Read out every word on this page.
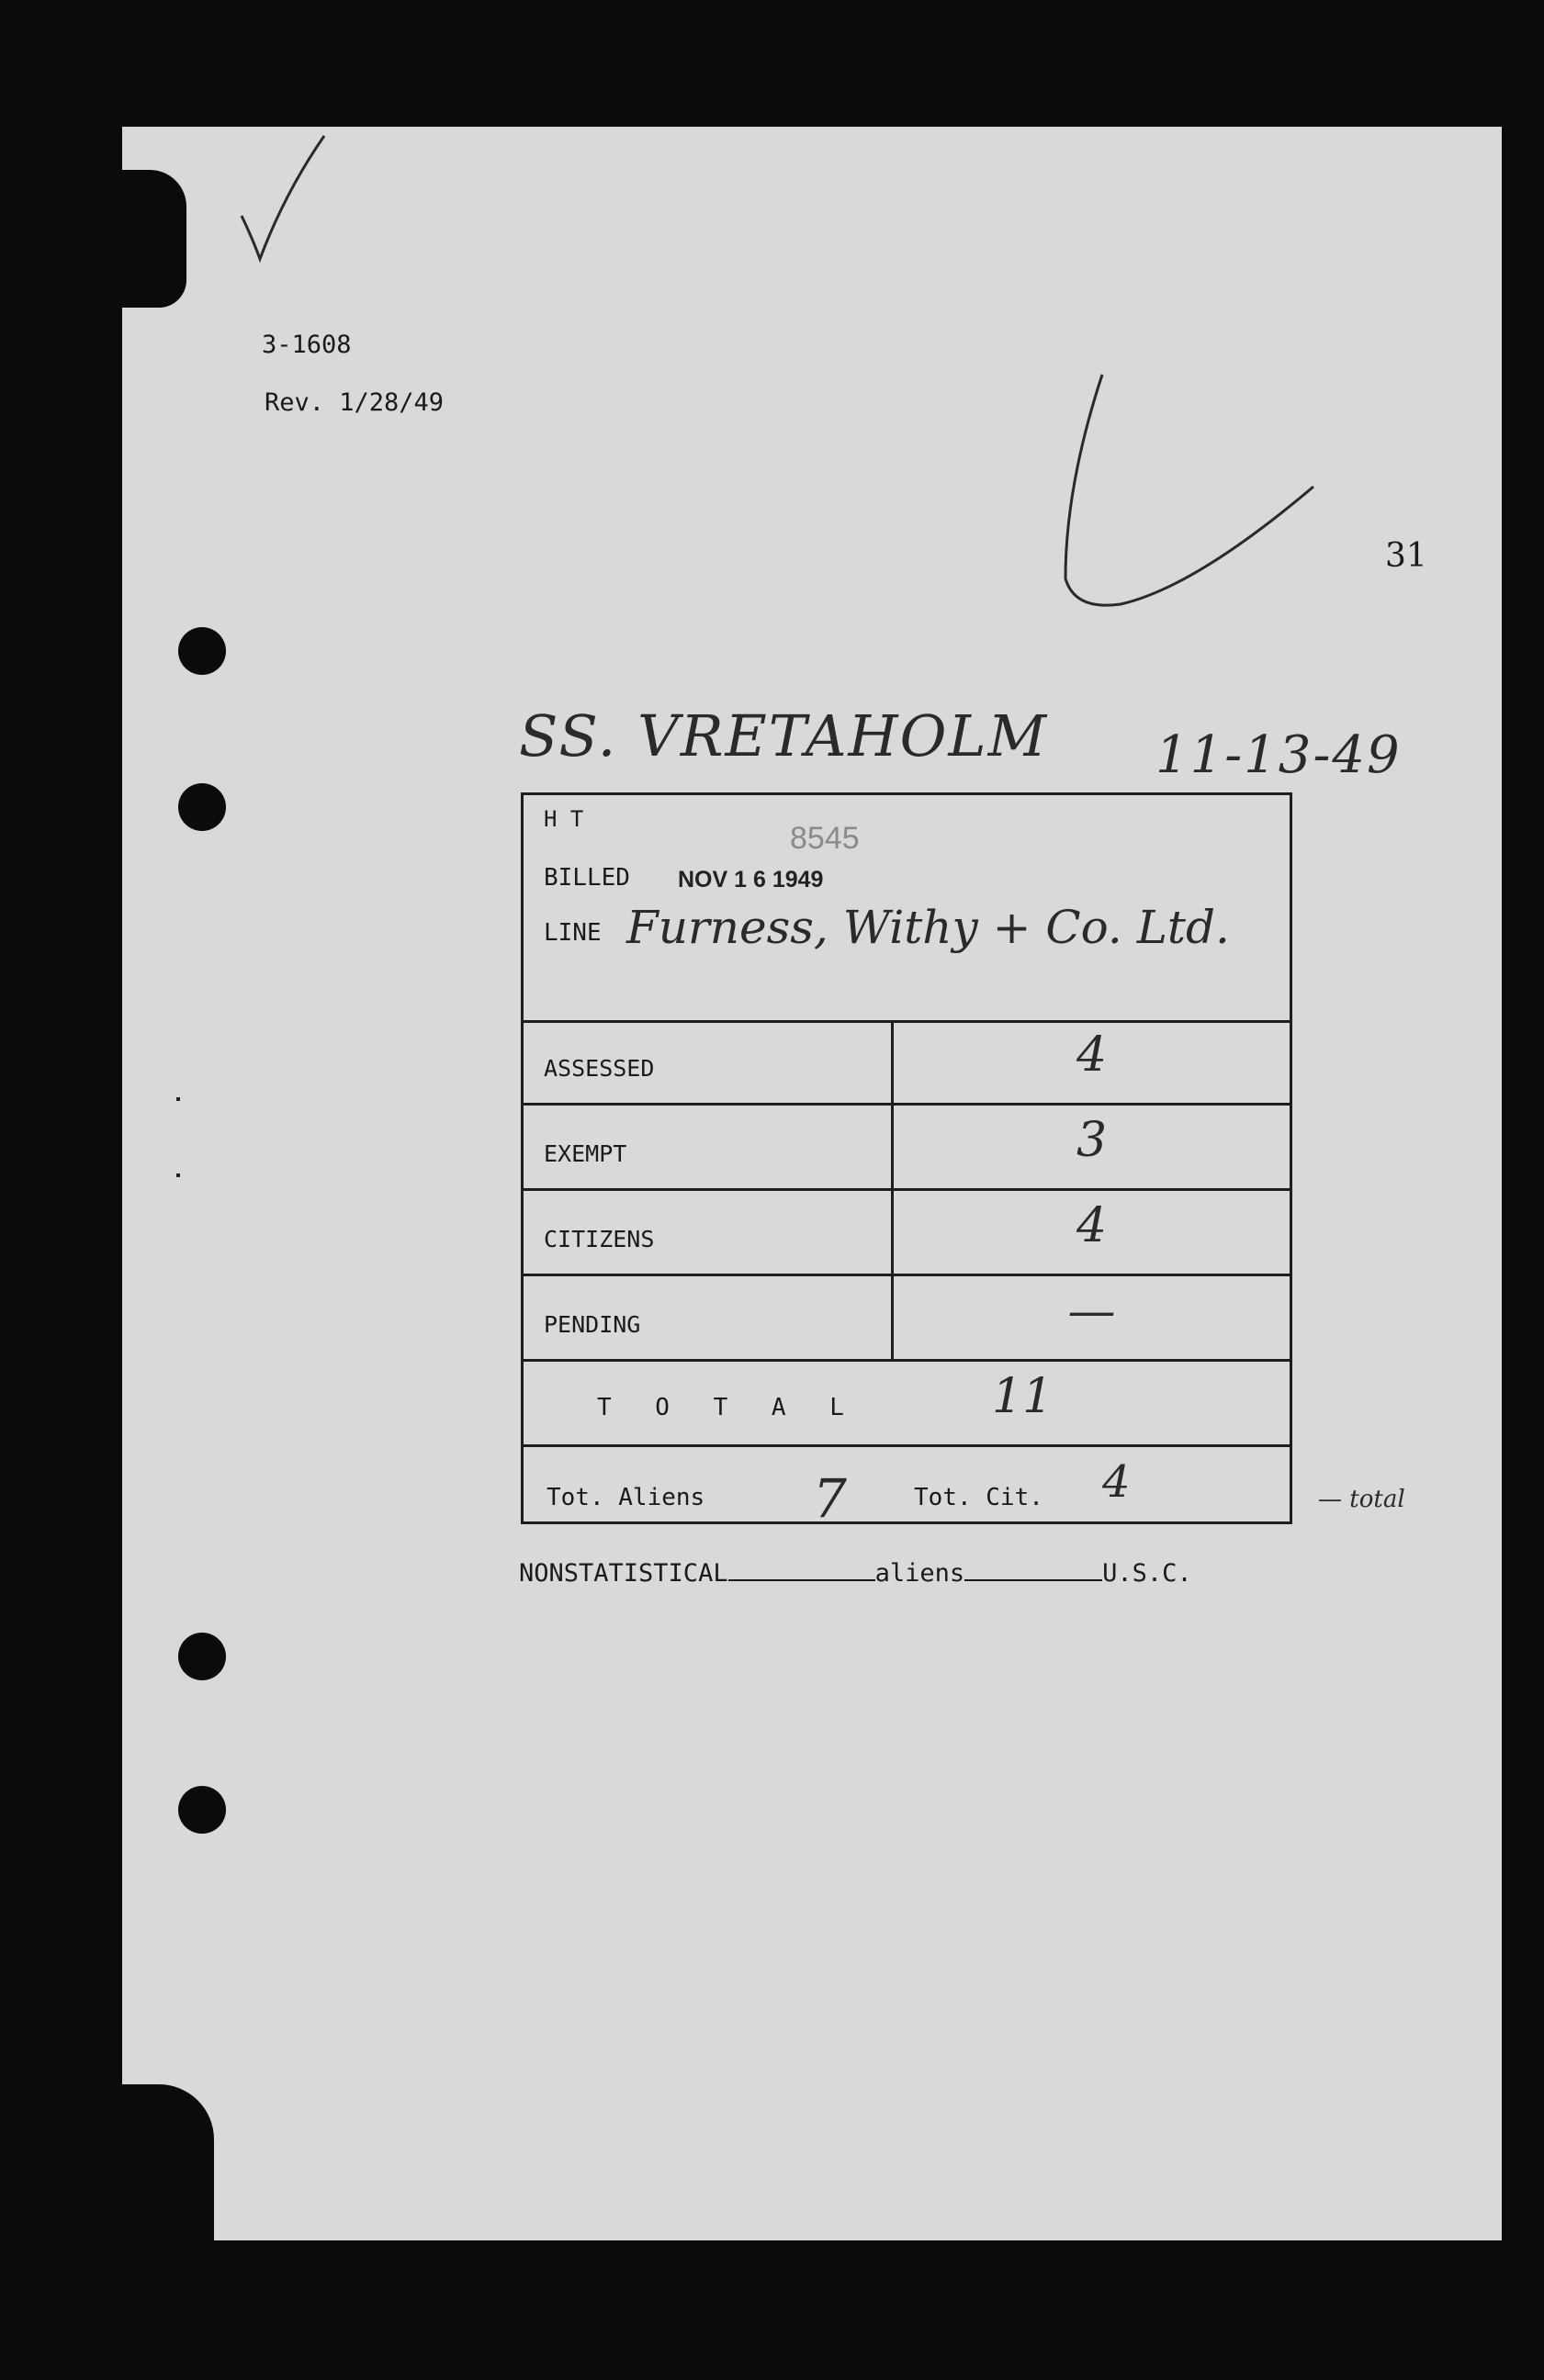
3-1608
Rev. 1/28/49
31
SS. VRETAHOLM 11-13-49
H T
8545
BILLED NOV 1 6 1949
LINE Furness, Withy + Co. Ltd.
ASSESSED	4
EXEMPT	3
CITIZENS	4
PENDING	—
T O T A L	11
Tot. Aliens 7	Tot. Cit. 4	— total
NONSTATISTICAL	aliens	U.S.C.
